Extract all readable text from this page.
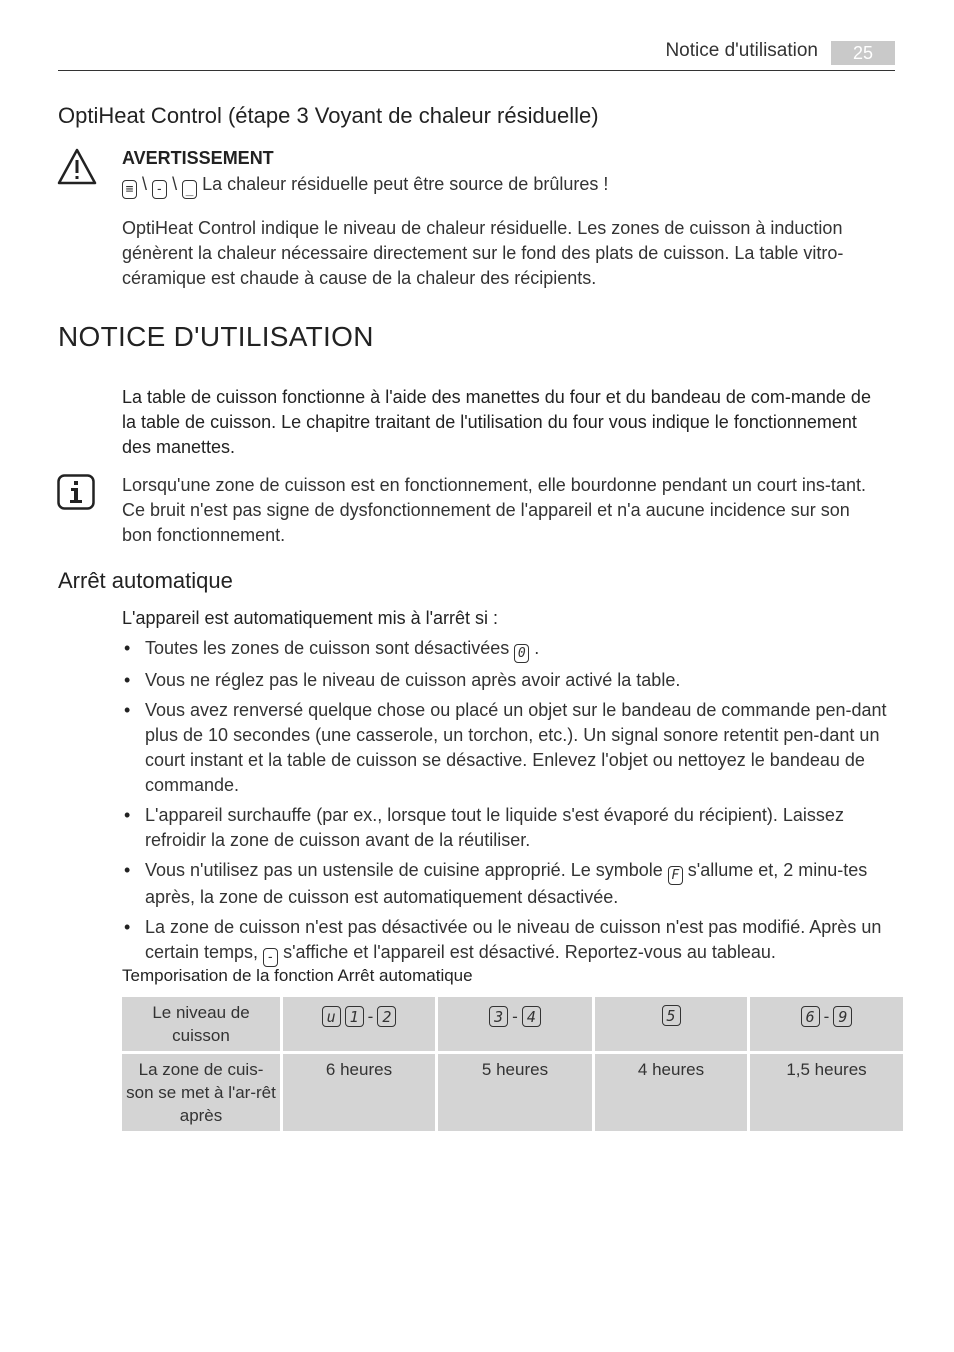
Notice d'utilisation	25
OptiHeat Control (étape 3 Voyant de chaleur résiduelle)
AVERTISSEMENT
≡ \ - \ _ La chaleur résiduelle peut être source de brûlures !
OptiHeat Control indique le niveau de chaleur résiduelle. Les zones de cuisson à induction génèrent la chaleur nécessaire directement sur le fond des plats de cuisson. La table vitro-céramique est chaude à cause de la chaleur des récipients.
NOTICE D'UTILISATION
La table de cuisson fonctionne à l'aide des manettes du four et du bandeau de com-mande de la table de cuisson. Le chapitre traitant de l'utilisation du four vous indique le fonctionnement des manettes.
Lorsqu'une zone de cuisson est en fonctionnement, elle bourdonne pendant un court ins-tant. Ce bruit n'est pas signe de dysfonctionnement de l'appareil et n'a aucune incidence sur son bon fonctionnement.
Arrêt automatique
L'appareil est automatiquement mis à l'arrêt si :
• Toutes les zones de cuisson sont désactivées 0 .
• Vous ne réglez pas le niveau de cuisson après avoir activé la table.
• Vous avez renversé quelque chose ou placé un objet sur le bandeau de commande pen-dant plus de 10 secondes (une casserole, un torchon, etc.). Un signal sonore retentit pen-dant un court instant et la table de cuisson se désactive. Enlevez l'objet ou nettoyez le bandeau de commande.
• L'appareil surchauffe (par ex., lorsque tout le liquide s'est évaporé du récipient). Laissez refroidir la zone de cuisson avant de la réutiliser.
• Vous n'utilisez pas un ustensile de cuisine approprié. Le symbole F s'allume et, 2 minu-tes après, la zone de cuisson est automatiquement désactivée.
• La zone de cuisson n'est pas désactivée ou le niveau de cuisson n'est pas modifié. Après un certain temps, - s'affiche et l'appareil est désactivé. Reportez-vous au tableau.
Temporisation de la fonction Arrêt automatique
Le niveau de cuisson	u 1 - 2	3 - 4	5	6 - 9

La zone de cuis-son se met à l'ar-rêt après	6 heures	5 heures	4 heures	1,5 heures
